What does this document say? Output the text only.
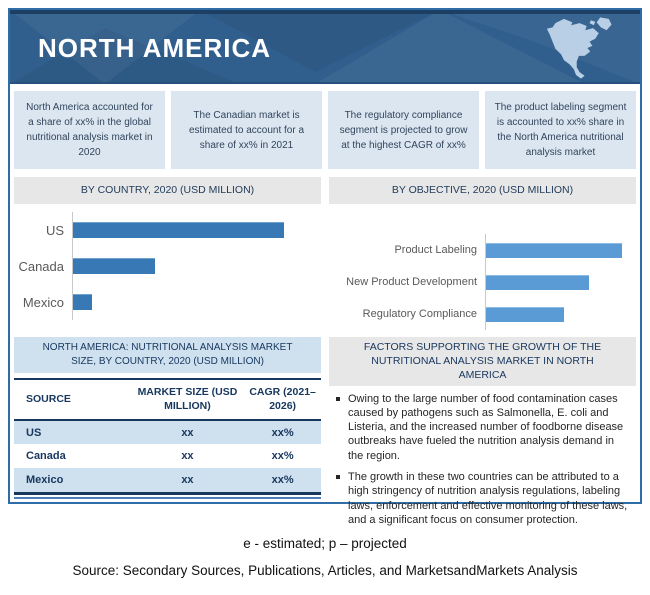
NORTH AMERICA
North America accounted for a share of xx% in the global nutritional analysis market in 2020
The Canadian market is estimated to account for a share of xx% in 2021
The regulatory compliance segment is projected to grow at the highest CAGR of xx%
The product labeling segment is accounted to xx% share in the North America nutritional analysis market
BY COUNTRY, 2020 (USD MILLION)	BY OBJECTIVE, 2020 (USD MILLION)
US
Canada
Mexico
Product Labeling
New Product Development
Regulatory Compliance
NORTH AMERICA: NUTRITIONAL ANALYSIS MARKET SIZE, BY COUNTRY, 2020 (USD MILLION)
SOURCE	MARKET SIZE (USD MILLION)	CAGR (2021–2026)
US	xx	xx%
Canada	xx	xx%
Mexico	xx	xx%
FACTORS SUPPORTING THE GROWTH OF THE NUTRITIONAL ANALYSIS MARKET IN NORTH AMERICA
Owing to the large number of food contamination cases caused by pathogens such as Salmonella, E. coli and Listeria, and the increased number of foodborne disease outbreaks have fueled the nutrition analysis demand in the region.
The growth in these two countries can be attributed to a high stringency of nutrition analysis regulations, labeling laws, enforcement and effective monitoring of these laws, and a significant focus on consumer protection.
e - estimated; p – projected
Source: Secondary Sources, Publications, Articles, and MarketsandMarkets Analysis
